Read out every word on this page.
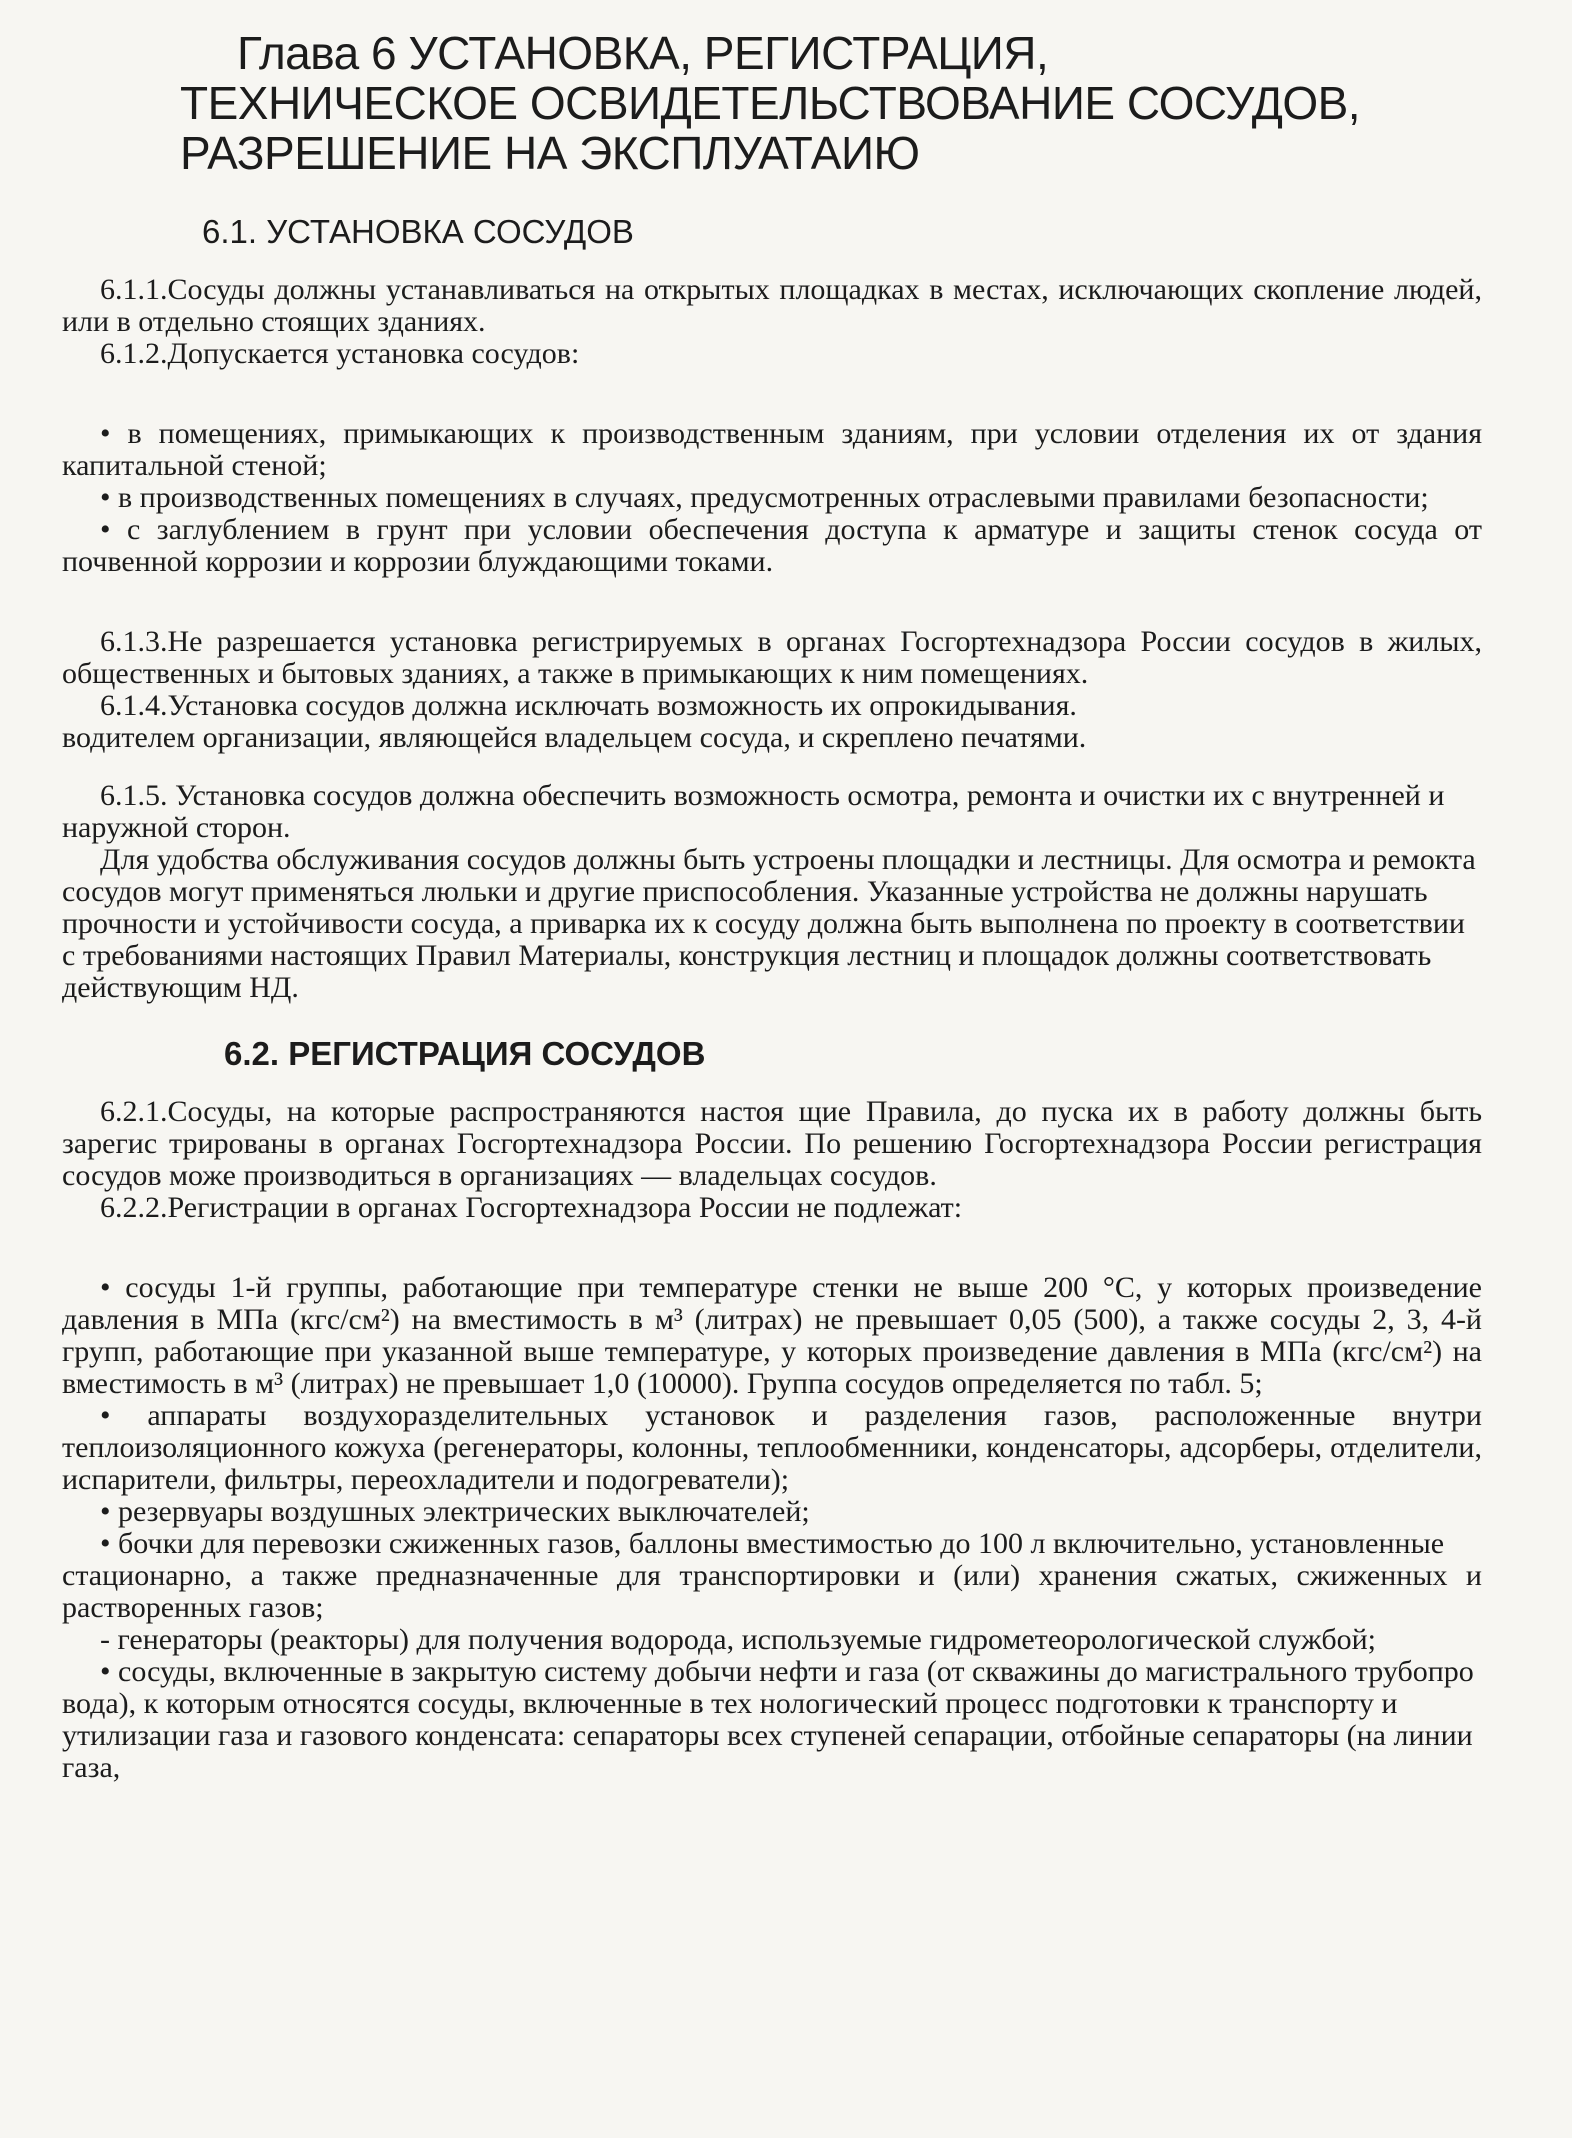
Глава 6 УСТАНОВКА, РЕГИСТРАЦИЯ,
ТЕХНИЧЕСКОЕ ОСВИДЕТЕЛЬСТВОВАНИЕ СОСУДОВ,
РАЗРЕШЕНИЕ НА ЭКСПЛУАТАИЮ
6.1. УСТАНОВКА СОСУДОВ

6.1.1.Сосуды должны устанавливаться на открытых площадках в местах, исключающих скопление людей, или в отдельно стоящих зданиях.

6.1.2.Допускается установка сосудов:

• в помещениях, примыкающих к производственным зданиям, при условии отделения их от здания капитальной стеной;

• в производственных помещениях в случаях, предусмотренных отраслевыми правилами безопасности;

• с заглублением в грунт при условии обеспечения доступа к арматуре и защиты стенок сосуда от почвенной коррозии и коррозии блуждающими токами.

6.1.3.Не разрешается установка регистрируемых в органах Госгортехнадзора России сосудов в жилых, общественных и бытовых зданиях, а также в примыкающих к ним помещениях.

6.1.4.Установка сосудов должна исключать возможность их опрокидывания.

водителем организации, являющейся владельцем сосуда, и скреплено печатями.

6.1.5. Установка сосудов должна обеспечить возможность осмотра, ремонта и очистки их с внутренней и наружной сторон.

Для удобства обслуживания сосудов должны быть устроены площадки и лестницы. Для осмотра и ремокта сосудов могут применяться люльки и другие приспособления. Указанные устройства не должны нарушать прочности и устойчивости сосуда, а приварка их к сосуду должна быть выполнена по проекту в соответствии с требованиями настоящих Правил Материалы, конструкция лестниц и площадок должны соответствовать действующим НД.

6.2. РЕГИСТРАЦИЯ СОСУДОВ

6.2.1.Сосуды, на которые распространяются настоя щие Правила, до пуска их в работу должны быть зарегис трированы в органах Госгортехнадзора России. По решению Госгортехнадзора России регистрация сосудов може производиться в организациях — владельцах сосудов.

6.2.2.Регистрации в органах Госгортехнадзора России не подлежат:

• сосуды 1-й группы, работающие при температуре стенки не выше 200 °С, у которых произведение давления в МПа (кгс/см²) на вместимость в м³ (литрах) не превышает 0,05 (500), а также сосуды 2, 3, 4-й групп, работающие при указанной выше температуре, у которых произведение давления в МПа (кгс/см²) на вместимость в м³ (литрах) не превышает 1,0 (10000). Группа сосудов определяется по табл. 5;

• аппараты воздухоразделительных установок и разделения газов, расположенные внутри теплоизоляционного кожуха (регенераторы, колонны, теплообменники, конденсаторы, адсорберы, отделители, испарители, фильтры, переохладители и подогреватели);

• резервуары воздушных электрических выключателей;

• бочки для перевозки сжиженных газов, баллоны вместимостью до 100 л включительно, установленные

стационарно, а также предназначенные для транспортировки и (или) хранения сжатых, сжиженных и растворенных газов;

- генераторы (реакторы) для получения водорода, используемые гидрометеорологической службой;

• сосуды, включенные в закрытую систему добычи нефти и газа (от скважины до магистрального трубопро вода), к которым относятся сосуды, включенные в тех нологический процесс подготовки к транспорту и утилизации газа и газового конденсата: сепараторы всех ступеней сепарации, отбойные сепараторы (на линии газа,
